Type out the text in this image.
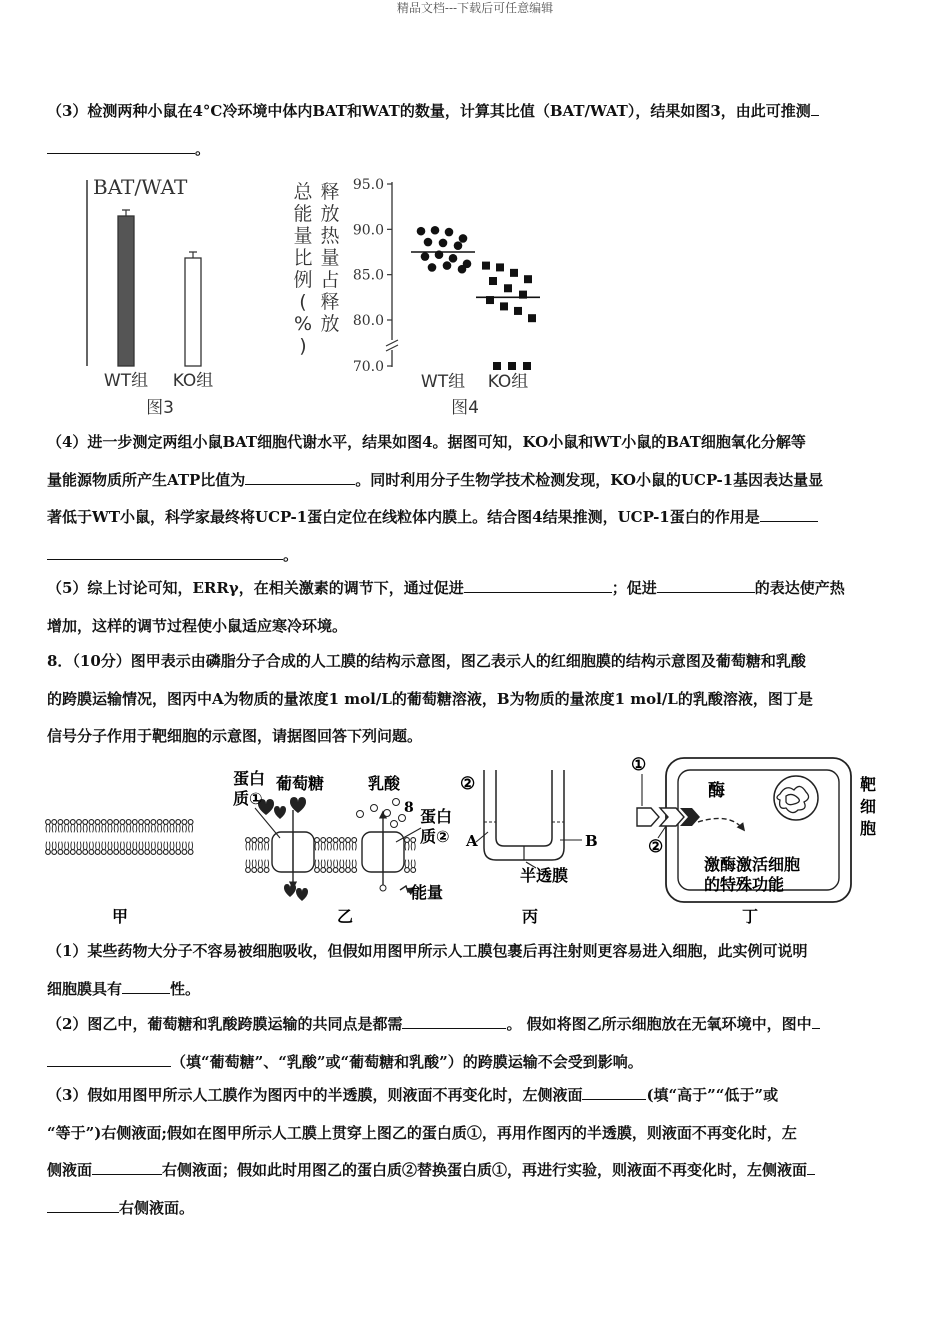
精品文档---下载后可任意编辑

（3）检测两种小鼠在4°C冷环境中体内BAT和WAT的数量，计算其比值（BAT/WAT），结果如图3，由此可推测

。

BAT/WAT
WT组 KO组
图3
释放热量占释放
总能量比例( % )
95.0
90.0
85.0
80.0
70.0
WT组 KO组
图4

（4）进一步测定两组小鼠BAT细胞代谢水平，结果如图4。据图可知，KO小鼠和WT小鼠的BAT细胞氧化分解等

量能源物质所产生ATP比值为	。同时利用分子生物学技术检测发现，KO小鼠的UCP-1基因表达量显

著低于WT小鼠，科学家最终将UCP-1蛋白定位在线粒体内膜上。结合图4结果推测，UCP-1蛋白的作用是

。

（5）综上讨论可知，ERRγ，在相关激素的调节下，通过促进	；促进	的表达使产热

增加，这样的调节过程使小鼠适应寒冷环境。

8．（10分）图甲表示由磷脂分子合成的人工膜的结构示意图，图乙表示人的红细胞膜的结构示意图及葡萄糖和乳酸

的跨膜运输情况，图丙中A为物质的量浓度1 mol/L的葡萄糖溶液，B为物质的量浓度1 mol/L的乳酸溶液，图丁是

信号分子作用于靶细胞的示意图，请据图回答下列问题。

甲
8
蛋白
质①
葡萄糖	乳酸
蛋白
质②
能量
乙
②
A	B
半透膜
丙
①
②
酶
激酶激活细胞
的特殊功能
靶
细
胞
丁

（1）某些药物大分子不容易被细胞吸收，但假如用图甲所示人工膜包裹后再注射则更容易进入细胞，此实例可说明

细胞膜具有	性。

（2）图乙中，葡萄糖和乳酸跨膜运输的共同点是都需	。 假如将图乙所示细胞放在无氧环境中，图中

（填“葡萄糖”、“乳酸”或“葡萄糖和乳酸”）的跨膜运输不会受到影响。

（3）假如用图甲所示人工膜作为图丙中的半透膜，则液面不再变化时，左侧液面	(填“高于”“低于”或

“等于”)右侧液面;假如在图甲所示人工膜上贯穿上图乙的蛋白质①，再用作图丙的半透膜，则液面不再变化时，左

侧液面	右侧液面；假如此时用图乙的蛋白质②替换蛋白质①，再进行实验，则液面不再变化时，左侧液面

右侧液面。
